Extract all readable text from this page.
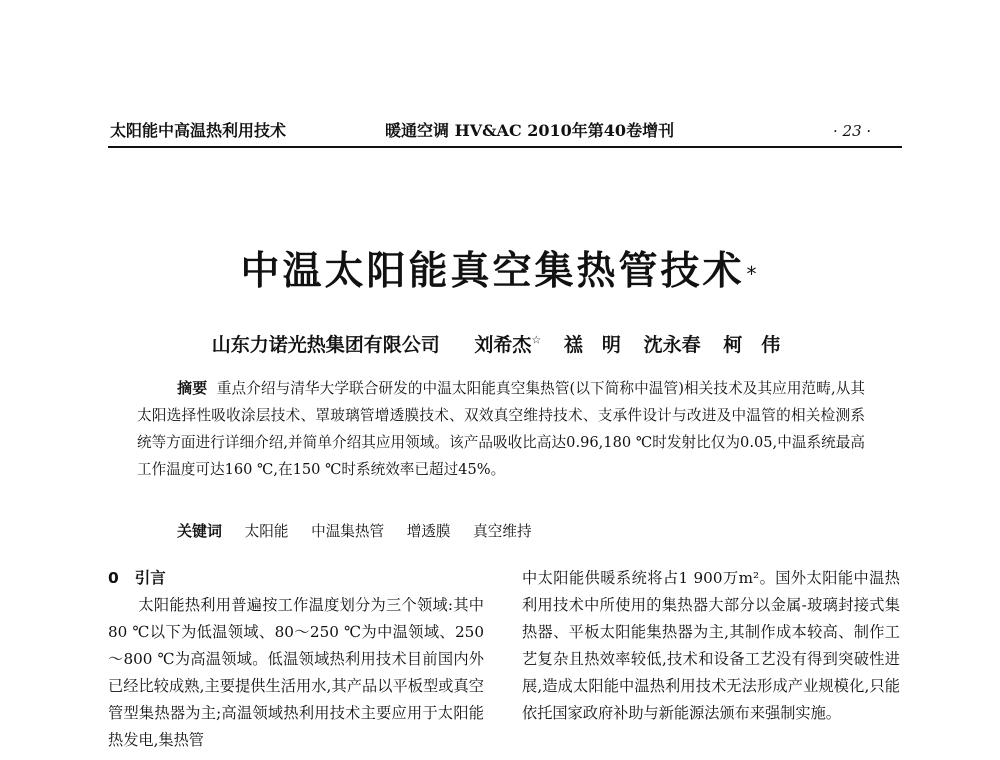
太阳能中高温热利用技术	暖通空调 HV&AC 2010年第40卷增刊	· 23 ·
中温太阳能真空集热管技术 *
山东力诺光热集团有限公司 刘希杰☆ 禚　明 沈永春 柯　伟
摘要 重点介绍与清华大学联合研发的中温太阳能真空集热管(以下简称中温管)相关技术及其应用范畴,从其太阳选择性吸收涂层技术、罩玻璃管增透膜技术、双效真空维持技术、支承件设计与改进及中温管的相关检测系统等方面进行详细介绍,并简单介绍其应用领域。该产品吸收比高达0.96,180 ℃时发射比仅为0.05,中温系统最高工作温度可达160 ℃,在150 ℃时系统效率已超过45%。
关键词 太阳能 中温集热管 增透膜 真空维持
0 引言

太阳能热利用普遍按工作温度划分为三个领域:其中80 ℃以下为低温领域、80～250 ℃为中温领域、250～800 ℃为高温领域。低温领域热利用技术目前国内外已经比较成熟,主要提供生活用水,其产品以平板型或真空管型集热器为主;高温领域热利用技术主要应用于太阳能热发电,集热管

中太阳能供暖系统将占1 900万m²。国外太阳能中温热利用技术中所使用的集热器大部分以金属-玻璃封接式集热器、平板太阳能集热器为主,其制作成本较高、制作工艺复杂且热效率较低,技术和设备工艺没有得到突破性进展,造成太阳能中温热利用技术无法形成产业规模化,只能依托国家政府补助与新能源法颁布来强制实施。
